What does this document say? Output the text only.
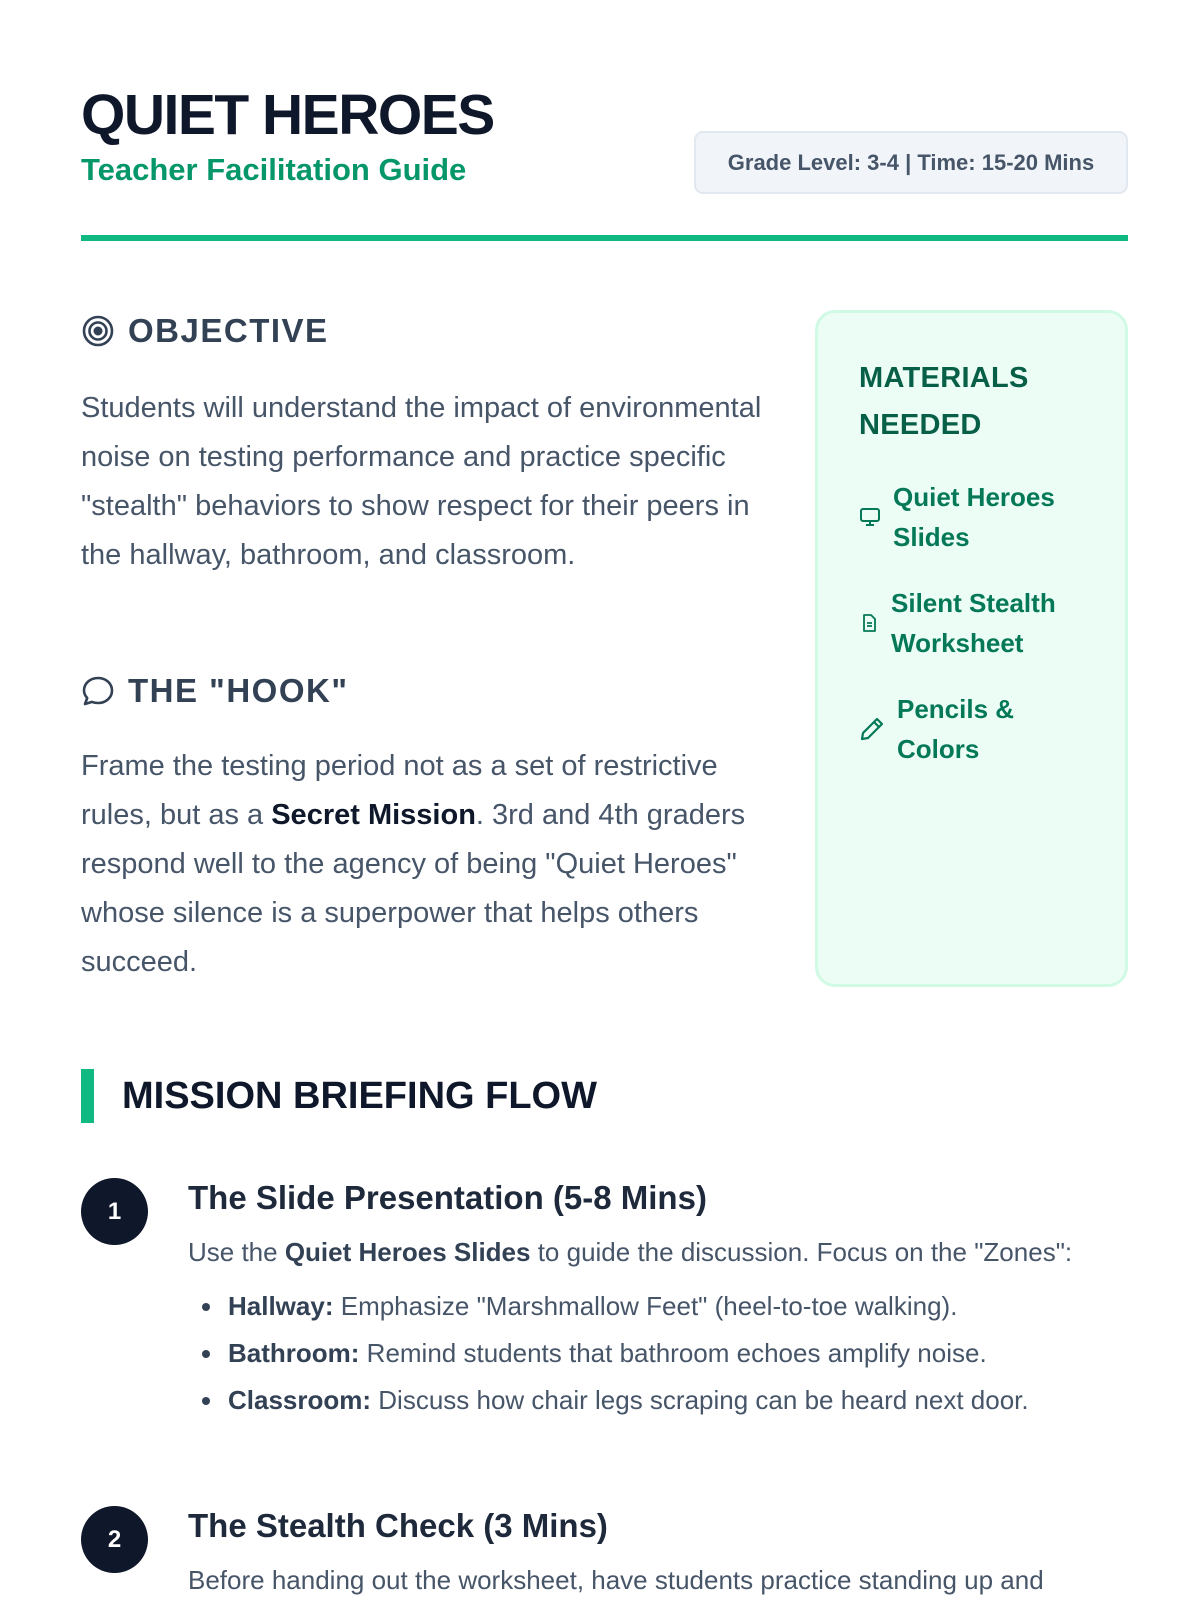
QUIET HEROES
Teacher Facilitation Guide	Grade Level: 3-4 | Time: 15-20 Mins
OBJECTIVE

Students will understand the impact of environmental noise on testing performance and practice specific "stealth" behaviors to show respect for their peers in the hallway, bathroom, and classroom.

THE "HOOK"

Frame the testing period not as a set of restrictive rules, but as a Secret Mission. 3rd and 4th graders respond well to the agency of being "Quiet Heroes" whose silence is a superpower that helps others succeed.

MATERIALS NEEDED
Quiet Heroes Slides
Silent Stealth Worksheet
Pencils & Colors
MISSION BRIEFING FLOW
1	The Slide Presentation (5-8 Mins)

Use the Quiet Heroes Slides to guide the discussion. Focus on the "Zones":

Hallway: Emphasize "Marshmallow Feet" (heel-to-toe walking).
Bathroom: Remind students that bathroom echoes amplify noise.
Classroom: Discuss how chair legs scraping can be heard next door.
2	The Stealth Check (3 Mins)

Before handing out the worksheet, have students practice standing up and
